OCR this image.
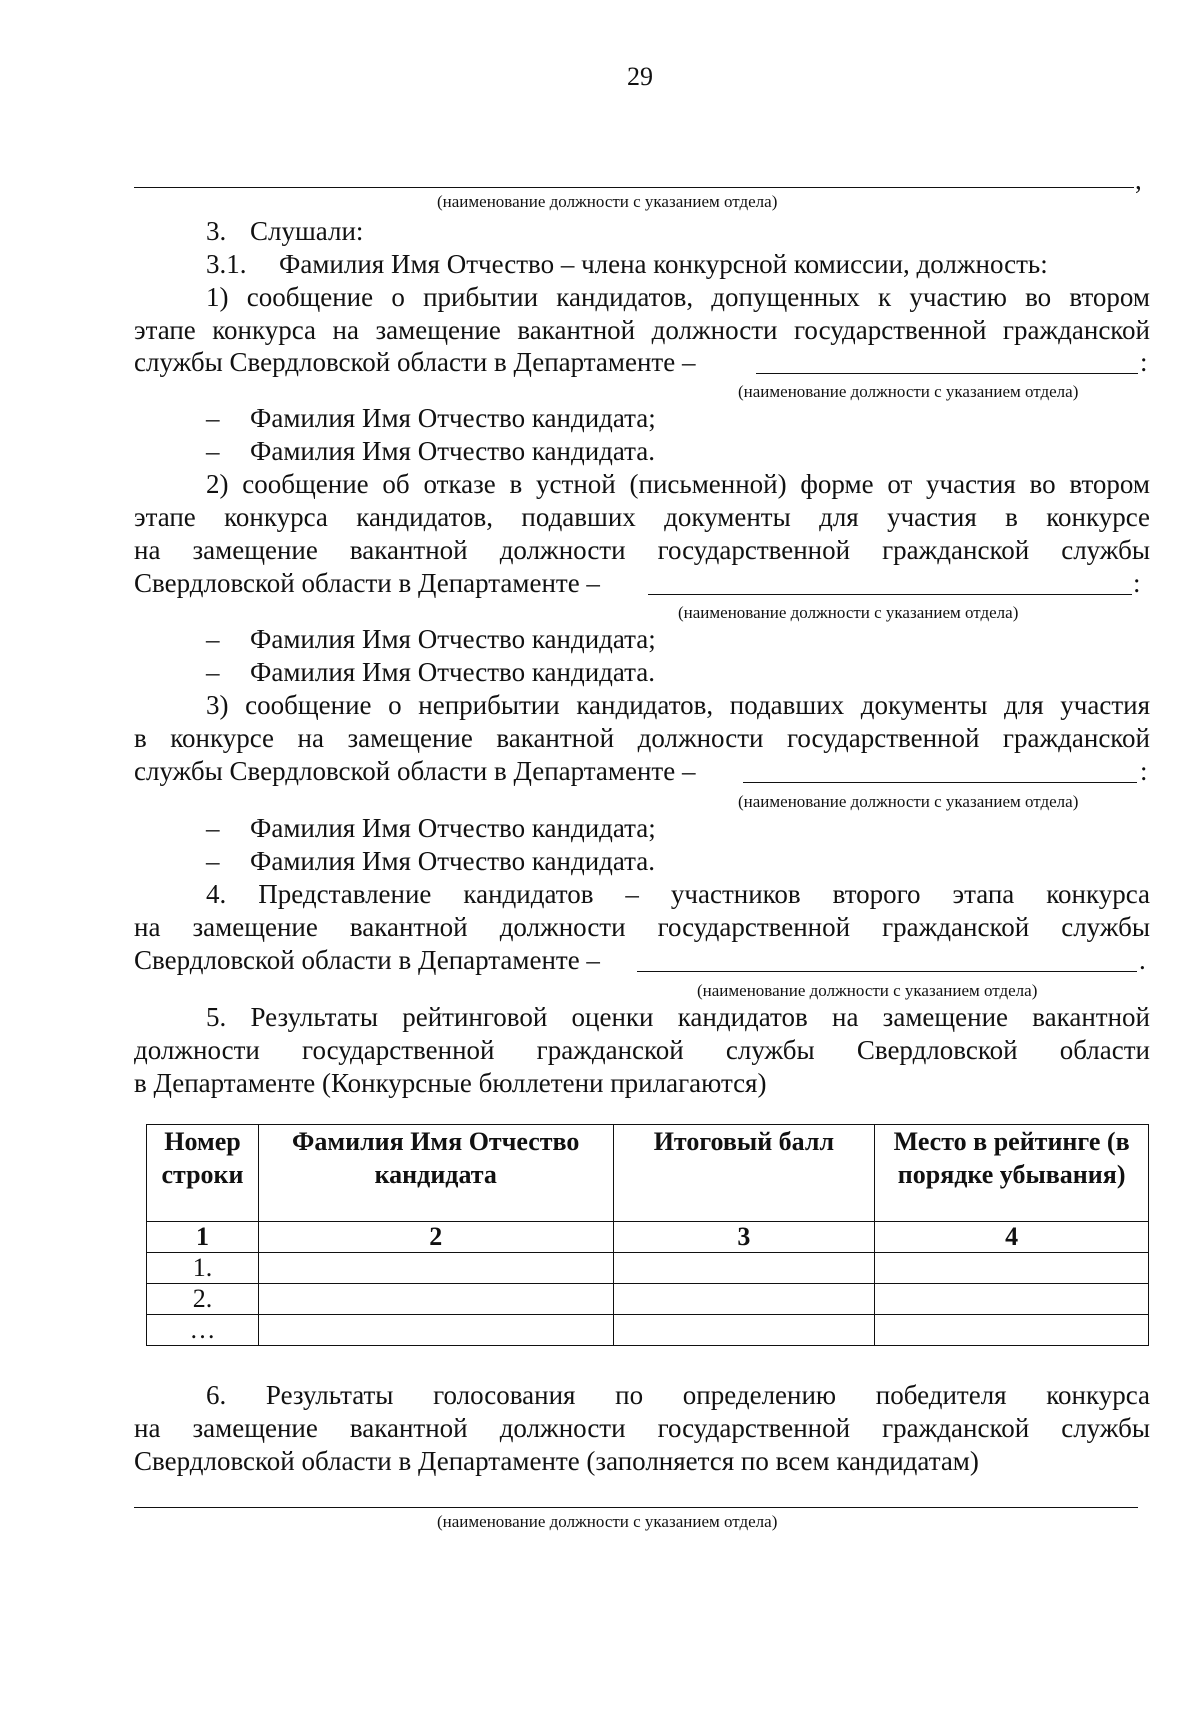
29
,
(наименование должности с указанием отдела)
3. Слушали:
3.1. Фамилия Имя Отчество – члена конкурсной комиссии, должность:
1) сообщение о прибытии кандидатов, допущенных к участию во втором
этапе конкурса на замещение вакантной должности государственной гражданской
службы Свердловской области в Департаменте –	:
(наименование должности с указанием отдела)
– Фамилия Имя Отчество кандидата;
– Фамилия Имя Отчество кандидата.
2) сообщение об отказе в устной (письменной) форме от участия во втором
этапе конкурса кандидатов, подавших документы для участия в конкурсе
на замещение вакантной должности государственной гражданской службы
Свердловской области в Департаменте –	:
(наименование должности с указанием отдела)
– Фамилия Имя Отчество кандидата;
– Фамилия Имя Отчество кандидата.
3) сообщение о неприбытии кандидатов, подавших документы для участия
в конкурсе на замещение вакантной должности государственной гражданской
службы Свердловской области в Департаменте –	:
(наименование должности с указанием отдела)
– Фамилия Имя Отчество кандидата;
– Фамилия Имя Отчество кандидата.
4. Представление кандидатов – участников второго этапа конкурса
на замещение вакантной должности государственной гражданской службы
Свердловской области в Департаменте –	.
(наименование должности с указанием отдела)
5. Результаты рейтинговой оценки кандидатов на замещение вакантной
должности государственной гражданской службы Свердловской области
в Департаменте (Конкурсные бюллетени прилагаются)
Номер строки	Фамилия Имя Отчество кандидата	Итоговый балл	Место в рейтинге (в порядке убывания)
1	2	3	4
1.			
2.			
…			
6. Результаты голосования по определению победителя конкурса
на замещение вакантной должности государственной гражданской службы
Свердловской области в Департаменте (заполняется по всем кандидатам)
(наименование должности с указанием отдела)
